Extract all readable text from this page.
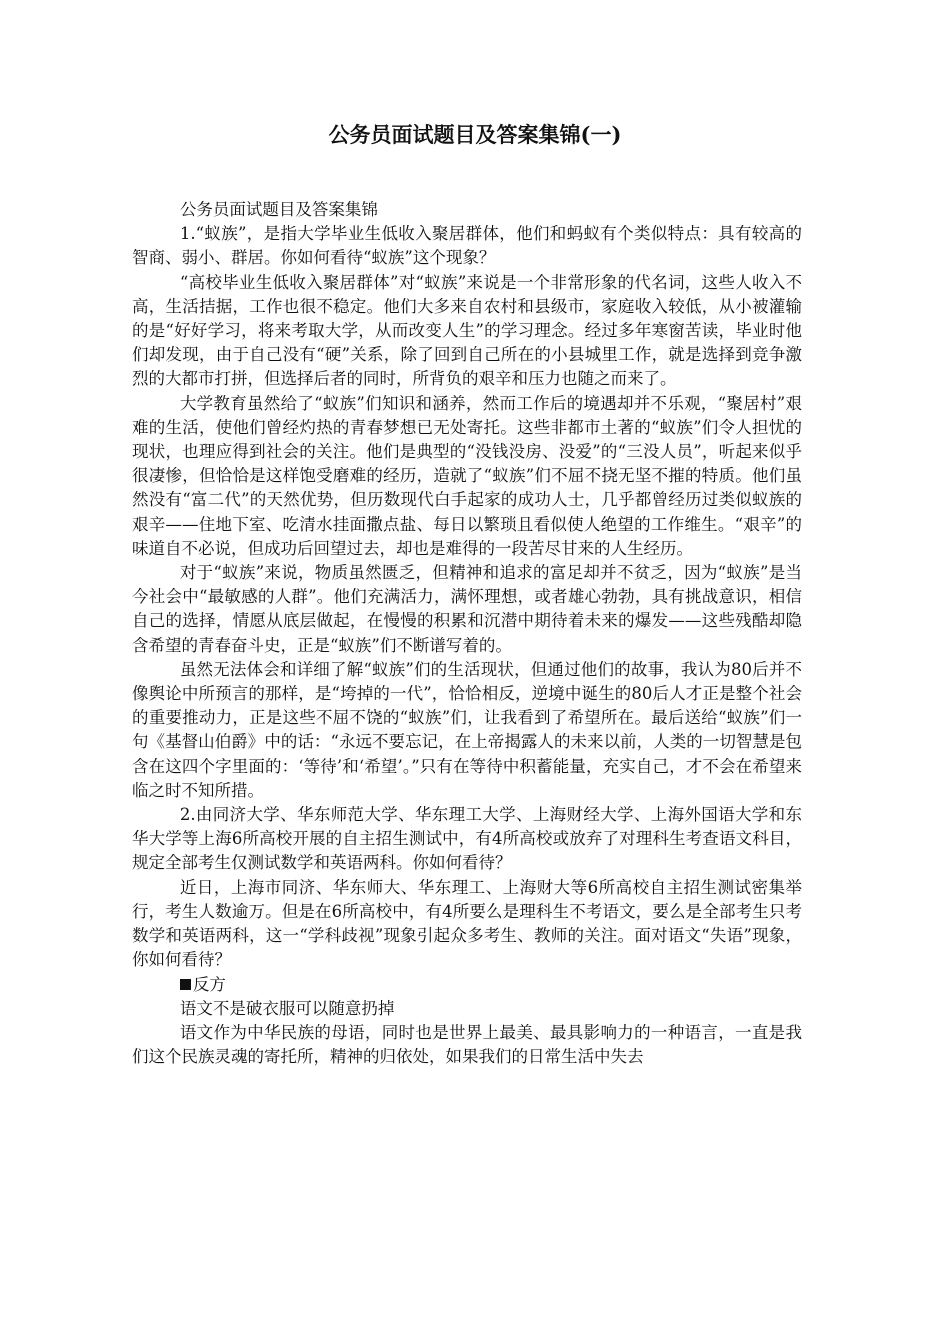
公务员面试题目及答案集锦(一)

公务员面试题目及答案集锦

1.“蚁族”，是指大学毕业生低收入聚居群体，他们和蚂蚁有个类似特点：具有较高的智商、弱小、群居。你如何看待“蚁族”这个现象？

“高校毕业生低收入聚居群体”对“蚁族”来说是一个非常形象的代名词，这些人收入不高，生活拮据，工作也很不稳定。他们大多来自农村和县级市，家庭收入较低，从小被灌输的是“好好学习，将来考取大学，从而改变人生”的学习理念。经过多年寒窗苦读，毕业时他们却发现，由于自己没有“硬”关系，除了回到自己所在的小县城里工作，就是选择到竞争激烈的大都市打拼，但选择后者的同时，所背负的艰辛和压力也随之而来了。

大学教育虽然给了“蚁族”们知识和涵养，然而工作后的境遇却并不乐观，“聚居村”艰难的生活，使他们曾经灼热的青春梦想已无处寄托。这些非都市土著的“蚁族”们令人担忧的现状，也理应得到社会的关注。他们是典型的“没钱没房、没爱”的“三没人员”，听起来似乎很凄惨，但恰恰是这样饱受磨难的经历，造就了“蚁族”们不屈不挠无坚不摧的特质。他们虽然没有“富二代”的天然优势，但历数现代白手起家的成功人士，几乎都曾经历过类似蚁族的艰辛——住地下室、吃清水挂面撒点盐、每日以繁琐且看似使人绝望的工作维生。“艰辛”的味道自不必说，但成功后回望过去，却也是难得的一段苦尽甘来的人生经历。

对于“蚁族”来说，物质虽然匮乏，但精神和追求的富足却并不贫乏，因为“蚁族”是当今社会中“最敏感的人群”。他们充满活力，满怀理想，或者雄心勃勃，具有挑战意识，相信自己的选择，情愿从底层做起，在慢慢的积累和沉潜中期待着未来的爆发——这些残酷却隐含希望的青春奋斗史，正是“蚁族”们不断谱写着的。

虽然无法体会和详细了解“蚁族”们的生活现状，但通过他们的故事，我认为80后并不像舆论中所预言的那样，是“垮掉的一代”，恰恰相反，逆境中诞生的80后人才正是整个社会的重要推动力，正是这些不屈不饶的“蚁族”们，让我看到了希望所在。最后送给“蚁族”们一句《基督山伯爵》中的话：“永远不要忘记，在上帝揭露人的未来以前，人类的一切智慧是包含在这四个字里面的：‘等待’和‘希望’。”只有在等待中积蓄能量，充实自己，才不会在希望来临之时不知所措。

2.由同济大学、华东师范大学、华东理工大学、上海财经大学、上海外国语大学和东华大学等上海6所高校开展的自主招生测试中，有4所高校或放弃了对理科生考查语文科目，规定全部考生仅测试数学和英语两科。你如何看待？

近日，上海市同济、华东师大、华东理工、上海财大等6所高校自主招生测试密集举行，考生人数逾万。但是在6所高校中，有4所要么是理科生不考语文，要么是全部考生只考数学和英语两科，这一“学科歧视”现象引起众多考生、教师的关注。面对语文“失语”现象，你如何看待？

反方

语文不是破衣服可以随意扔掉

语文作为中华民族的母语，同时也是世界上最美、最具影响力的一种语言，一直是我们这个民族灵魂的寄托所，精神的归依处，如果我们的日常生活中失去
